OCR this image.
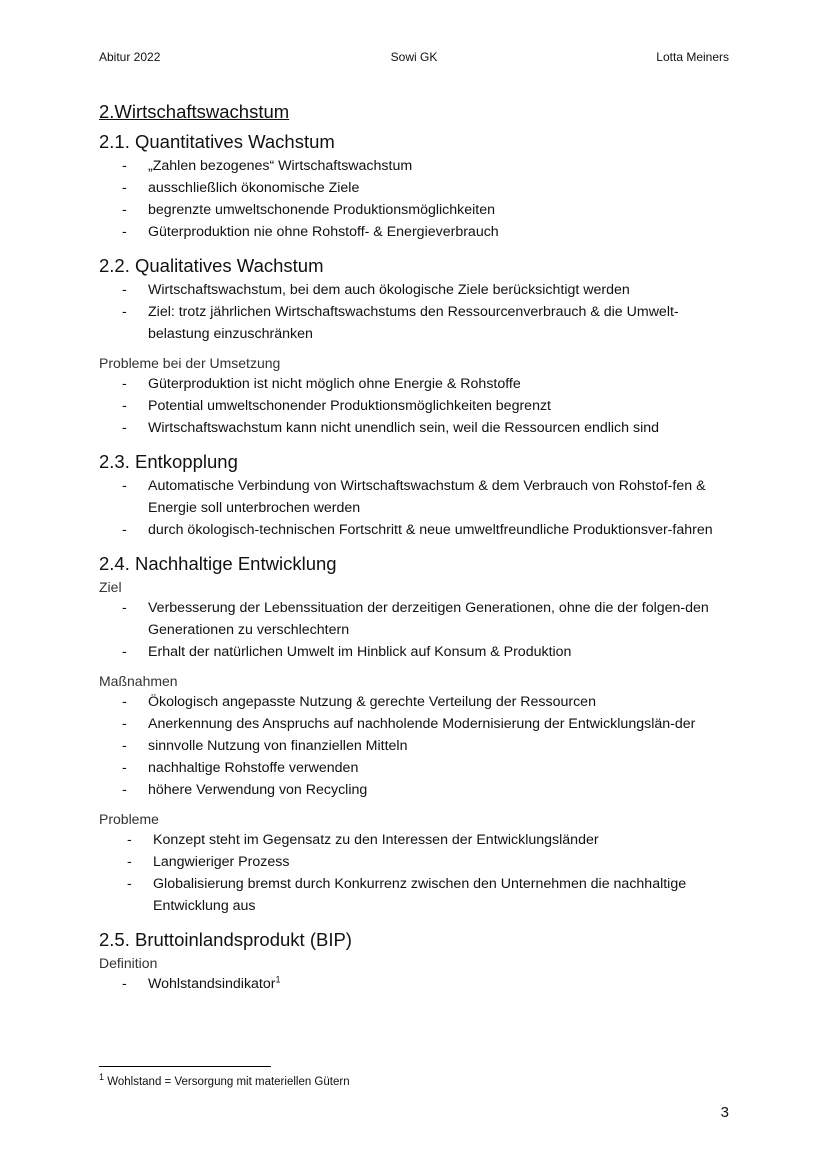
Abitur 2022	Sowi GK	Lotta Meiners
2.Wirtschaftswachstum
2.1. Quantitatives Wachstum
- „Zahlen bezogenes“ Wirtschaftswachstum
- ausschließlich ökonomische Ziele
- begrenzte umweltschonende Produktionsmöglichkeiten
- Güterproduktion nie ohne Rohstoff- & Energieverbrauch
2.2. Qualitatives Wachstum
- Wirtschaftswachstum, bei dem auch ökologische Ziele berücksichtigt werden
- Ziel: trotz jährlichen Wirtschaftswachstums den Ressourcenverbrauch & die Umwelt-belastung einzuschränken

Probleme bei der Umsetzung

- Güterproduktion ist nicht möglich ohne Energie & Rohstoffe
- Potential umweltschonender Produktionsmöglichkeiten begrenzt
- Wirtschaftswachstum kann nicht unendlich sein, weil die Ressourcen endlich sind
2.3. Entkopplung
- Automatische Verbindung von Wirtschaftswachstum & dem Verbrauch von Rohstof-fen & Energie soll unterbrochen werden
- durch ökologisch-technischen Fortschritt & neue umweltfreundliche Produktionsver-fahren
2.4. Nachhaltige Entwicklung

Ziel

- Verbesserung der Lebenssituation der derzeitigen Generationen, ohne die der folgen-den Generationen zu verschlechtern
- Erhalt der natürlichen Umwelt im Hinblick auf Konsum & Produktion

Maßnahmen

- Ökologisch angepasste Nutzung & gerechte Verteilung der Ressourcen
- Anerkennung des Anspruchs auf nachholende Modernisierung der Entwicklungslän-der
- sinnvolle Nutzung von finanziellen Mitteln
- nachhaltige Rohstoffe verwenden
- höhere Verwendung von Recycling

Probleme

- Konzept steht im Gegensatz zu den Interessen der Entwicklungsländer
- Langwieriger Prozess
- Globalisierung bremst durch Konkurrenz zwischen den Unternehmen die nachhaltige Entwicklung aus
2.5. Bruttoinlandsprodukt (BIP)

Definition

- Wohlstandsindikator$^1$
$^1$ Wohlstand = Versorgung mit materiellen Gütern
3
